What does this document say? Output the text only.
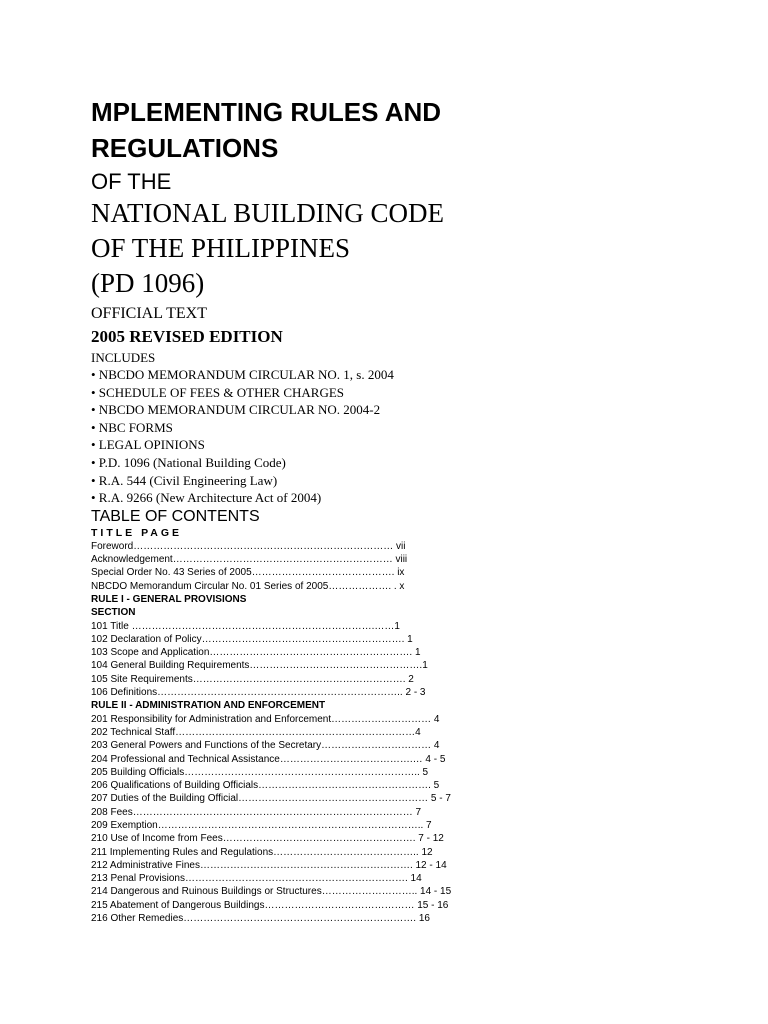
MPLEMENTING RULES AND
REGULATIONS
OF THE
NATIONAL BUILDING CODE
OF THE PHILIPPINES
(PD 1096)
OFFICIAL TEXT
2005 REVISED EDITION
INCLUDES
• NBCDO MEMORANDUM CIRCULAR NO. 1, s. 2004
• SCHEDULE OF FEES & OTHER CHARGES
• NBCDO MEMORANDUM CIRCULAR NO. 2004-2
• NBC FORMS
• LEGAL OPINIONS
• P.D. 1096 (National Building Code)
• R.A. 544 (Civil Engineering Law)
• R.A. 9266 (New Architecture Act of 2004)
TABLE OF CONTENTS
TITLE PAGE
Foreword…………………………………………………………………… vii
Acknowledgement………………………………………………………… viii
Special Order No. 43 Series of 2005……………………………………. ix
NBCDO Memorandum Circular No. 01 Series of 2005………………. . x
RULE I - GENERAL PROVISIONS
SECTION
101 Title ……………………………………………………………….……1
102 Declaration of Policy……………………………………………………. 1
103 Scope and Application……………………………………………………. 1
104 General Building Requirements…………………………………………….1
105 Site Requirements………………………………………………………. 2
106 Definitions……………………………………………………………….. 2 - 3
RULE II - ADMINISTRATION AND ENFORCEMENT
201 Responsibility for Administration and Enforcement………………………… 4
202 Technical Staff………………………………………………………………4
203 General Powers and Functions of the Secretary…………………………… 4
204 Professional and Technical Assistance………………………………….… 4 - 5
205 Building Officials…………………………………………………………….. 5
206 Qualifications of Building Officials……………………………………………. 5
207 Duties of the Building Official………………………………………………… 5 - 7
208 Fees………………………………………………………………………… 7
209 Exemption…………………………………………………………………….. 7
210 Use of Income from Fees…………………………………………………. 7 - 12
211 Implementing Rules and Regulations…………………………………….. 12
212 Administrative Fines………………………………………………………. 12 - 14
213 Penal Provisions…………………………………………………………. 14
214 Dangerous and Ruinous Buildings or Structures……………………….. 14 - 15
215 Abatement of Dangerous Buildings……………………………………… 15 - 16
216 Other Remedies……………………………………………………………. 16
